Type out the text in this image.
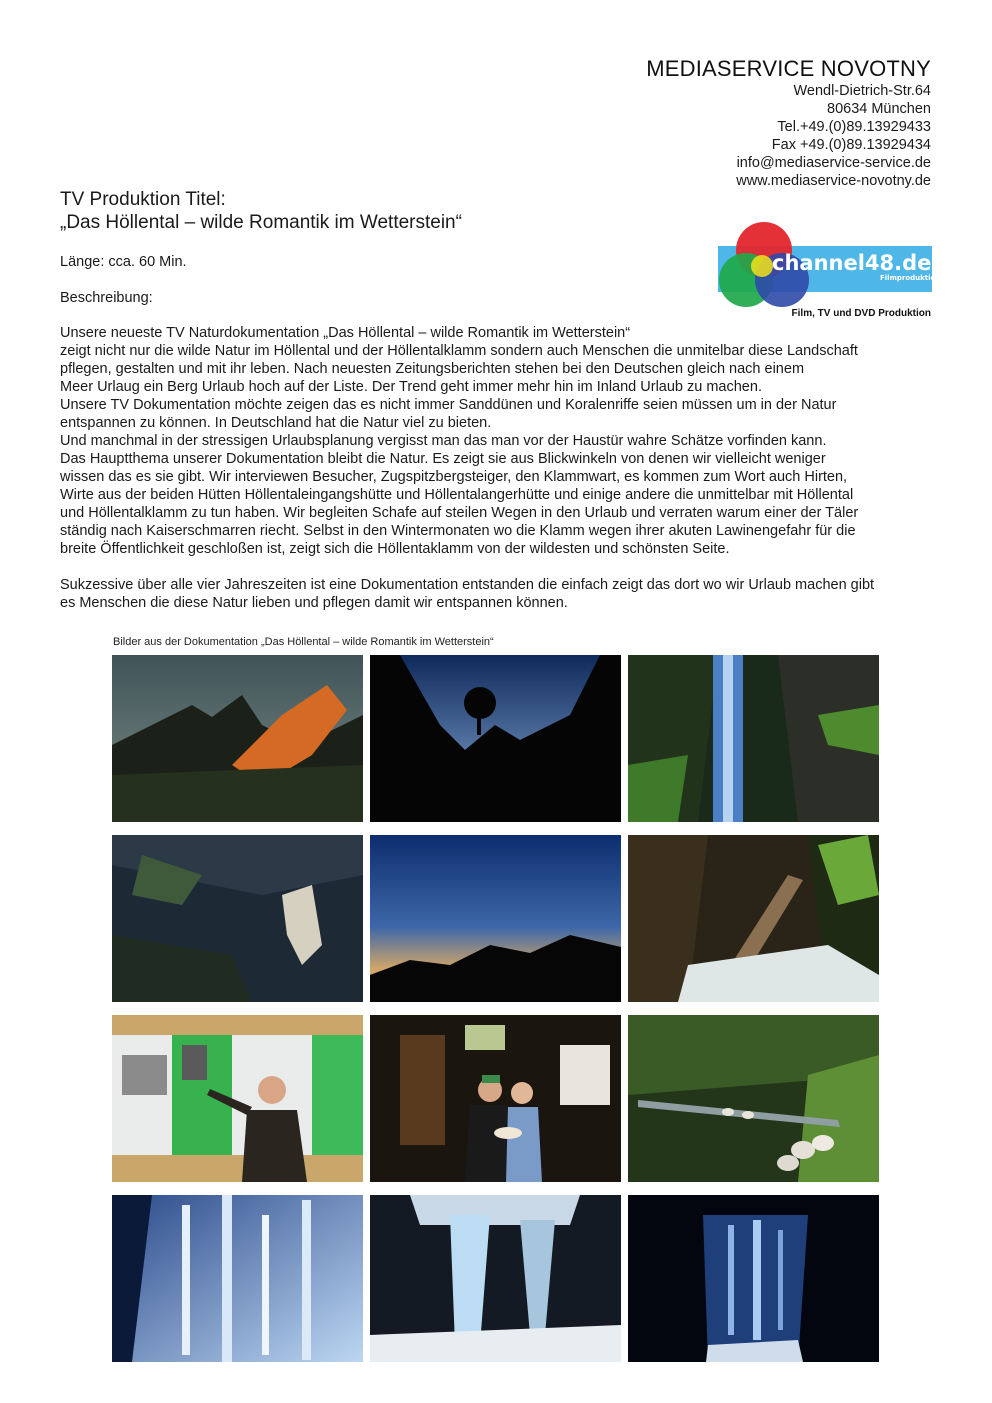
MEDIASERVICE NOVOTNY
Wendl-Dietrich-Str.64
80634 München
Tel.+49.(0)89.13929433
Fax +49.(0)89.13929434
info@mediaservice-service.de
www.mediaservice-novotny.de
channel48.de
Filmproduktion
Film, TV und DVD Produktion
TV Produktion Titel:
„Das Höllental – wilde Romantik im Wetterstein“
Länge: cca. 60 Min.
Beschreibung:
Unsere neueste TV Naturdokumentation „Das Höllental – wilde Romantik im Wetterstein“
zeigt nicht nur die wilde Natur im Höllental und der Höllentalklamm sondern auch Menschen die unmitelbar diese Landschaft
pflegen, gestalten und mit ihr leben. Nach neuesten Zeitungsberichten stehen bei den Deutschen gleich nach einem
Meer Urlaug ein Berg Urlaub hoch auf der Liste. Der Trend geht immer mehr hin im Inland Urlaub zu machen.
Unsere TV Dokumentation möchte zeigen das es nicht immer Sanddünen und Koralenriffe seien müssen um in der Natur
entspannen zu können. In Deutschland hat die Natur viel zu bieten.
Und manchmal in der stressigen Urlaubsplanung vergisst man das man vor der Haustür wahre Schätze vorfinden kann.
Das Hauptthema unserer Dokumentation bleibt die Natur. Es zeigt sie aus Blickwinkeln von denen wir vielleicht weniger
wissen das es sie gibt. Wir interviewen Besucher, Zugspitzbergsteiger, den Klammwart, es kommen zum Wort auch Hirten,
Wirte aus der beiden Hütten Höllentaleingangshütte und Höllentalangerhütte und einige andere die unmittelbar mit Höllental
und Höllentalklamm zu tun haben. Wir begleiten Schafe auf steilen Wegen in den Urlaub und verraten warum einer der Täler
ständig nach Kaiserschmarren riecht. Selbst in den Wintermonaten wo die Klamm wegen ihrer akuten Lawinengefahr für die
breite Öffentlichkeit geschloßen ist, zeigt sich die Höllentaklamm von der wildesten und schönsten Seite.
Sukzessive über alle vier Jahreszeiten ist eine Dokumentation entstanden die einfach zeigt das dort wo wir Urlaub machen gibt
es Menschen die diese Natur lieben und pflegen damit wir entspannen können.
Bilder aus der Dokumentation „Das Höllental – wilde Romantik im Wetterstein“
